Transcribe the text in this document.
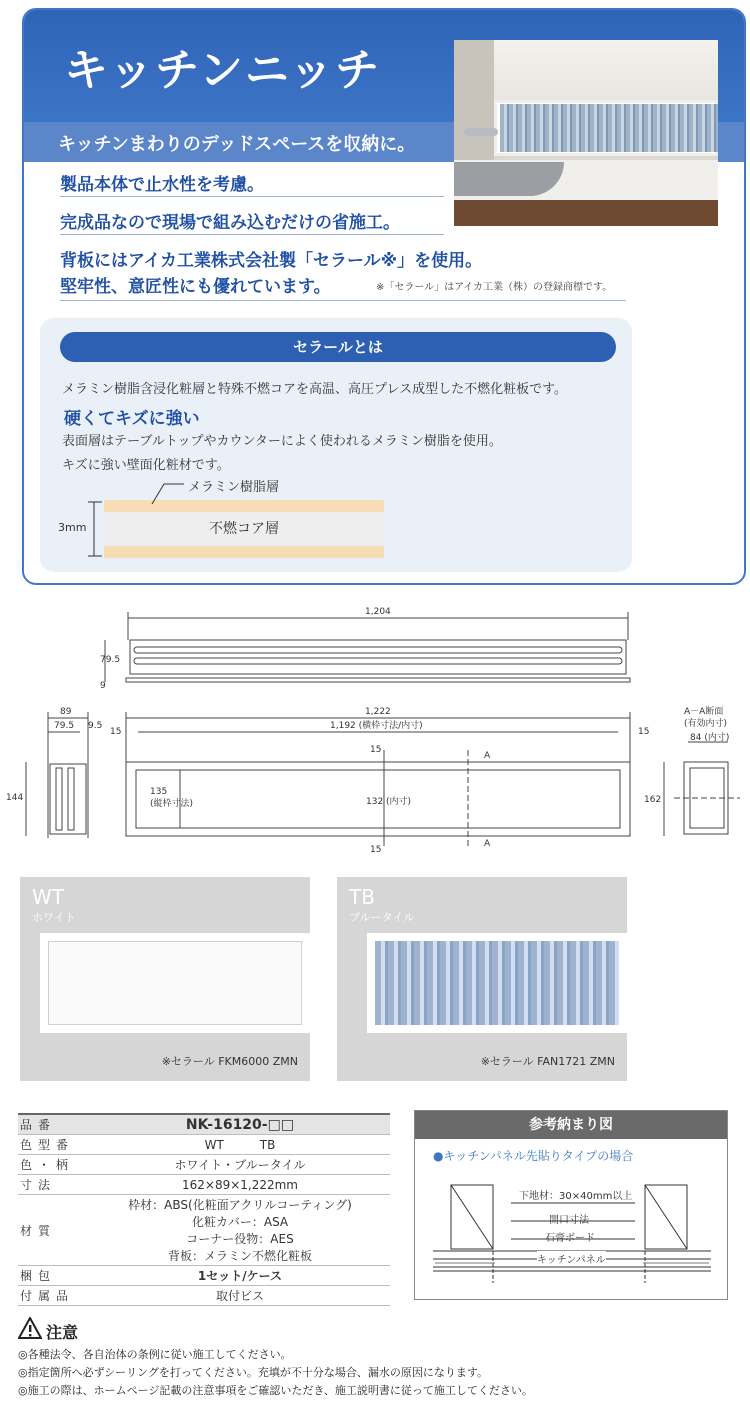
キッチンニッチ
キッチンまわりのデッドスペースを収納に。
製品本体で止水性を考慮。
完成品なので現場で組み込むだけの省施工。
背板にはアイカ工業株式会社製「セラール※」を使用。
堅牢性、意匠性にも優れています。	※「セラール」はアイカ工業（株）の登録商標です。
セラールとは
メラミン樹脂含浸化粧層と特殊不燃コアを高温、高圧プレス成型した不燃化粧板です。
硬くてキズに強い
表面層はテーブルトップやカウンターによく使われるメラミン樹脂を使用。
キズに強い壁面化粧材です。
不燃コア層
メラミン樹脂層
3mm
1,204
79.5
9
89
79.5 9.5
144
1,222
1,192 (横枠寸法/内寸)
15	15
135
(縦枠寸法)	132 (内寸)
15
15
162
A－A断面
(有効内寸)
84 (内寸)
A
A
WT
ホワイト
※セラール FKM6000 ZMN
TB
ブルータイル
※セラール FAN1721 ZMN
品番	NK-16120-□□
色型番	WT　　　TB
色・柄	ホワイト・ブルータイル
寸法	162×89×1,222mm
材質	枠材：ABS(化粧面アクリルコーティング)
化粧カバー：ASA
コーナー役物：AES
背板：メラミン不燃化粧板

梱包	1セット/ケース
付属品	取付ビス
参考納まり図
●キッチンパネル先貼りタイプの場合
下地材：30×40mm以上
開口寸法
石膏ボード
キッチンパネル
注意
◎各種法令、各自治体の条例に従い施工してください。
◎指定箇所へ必ずシーリングを打ってください。充填が不十分な場合、漏水の原因になります。
◎施工の際は、ホームページ記載の注意事項をご確認いただき、施工説明書に従って施工してください。
